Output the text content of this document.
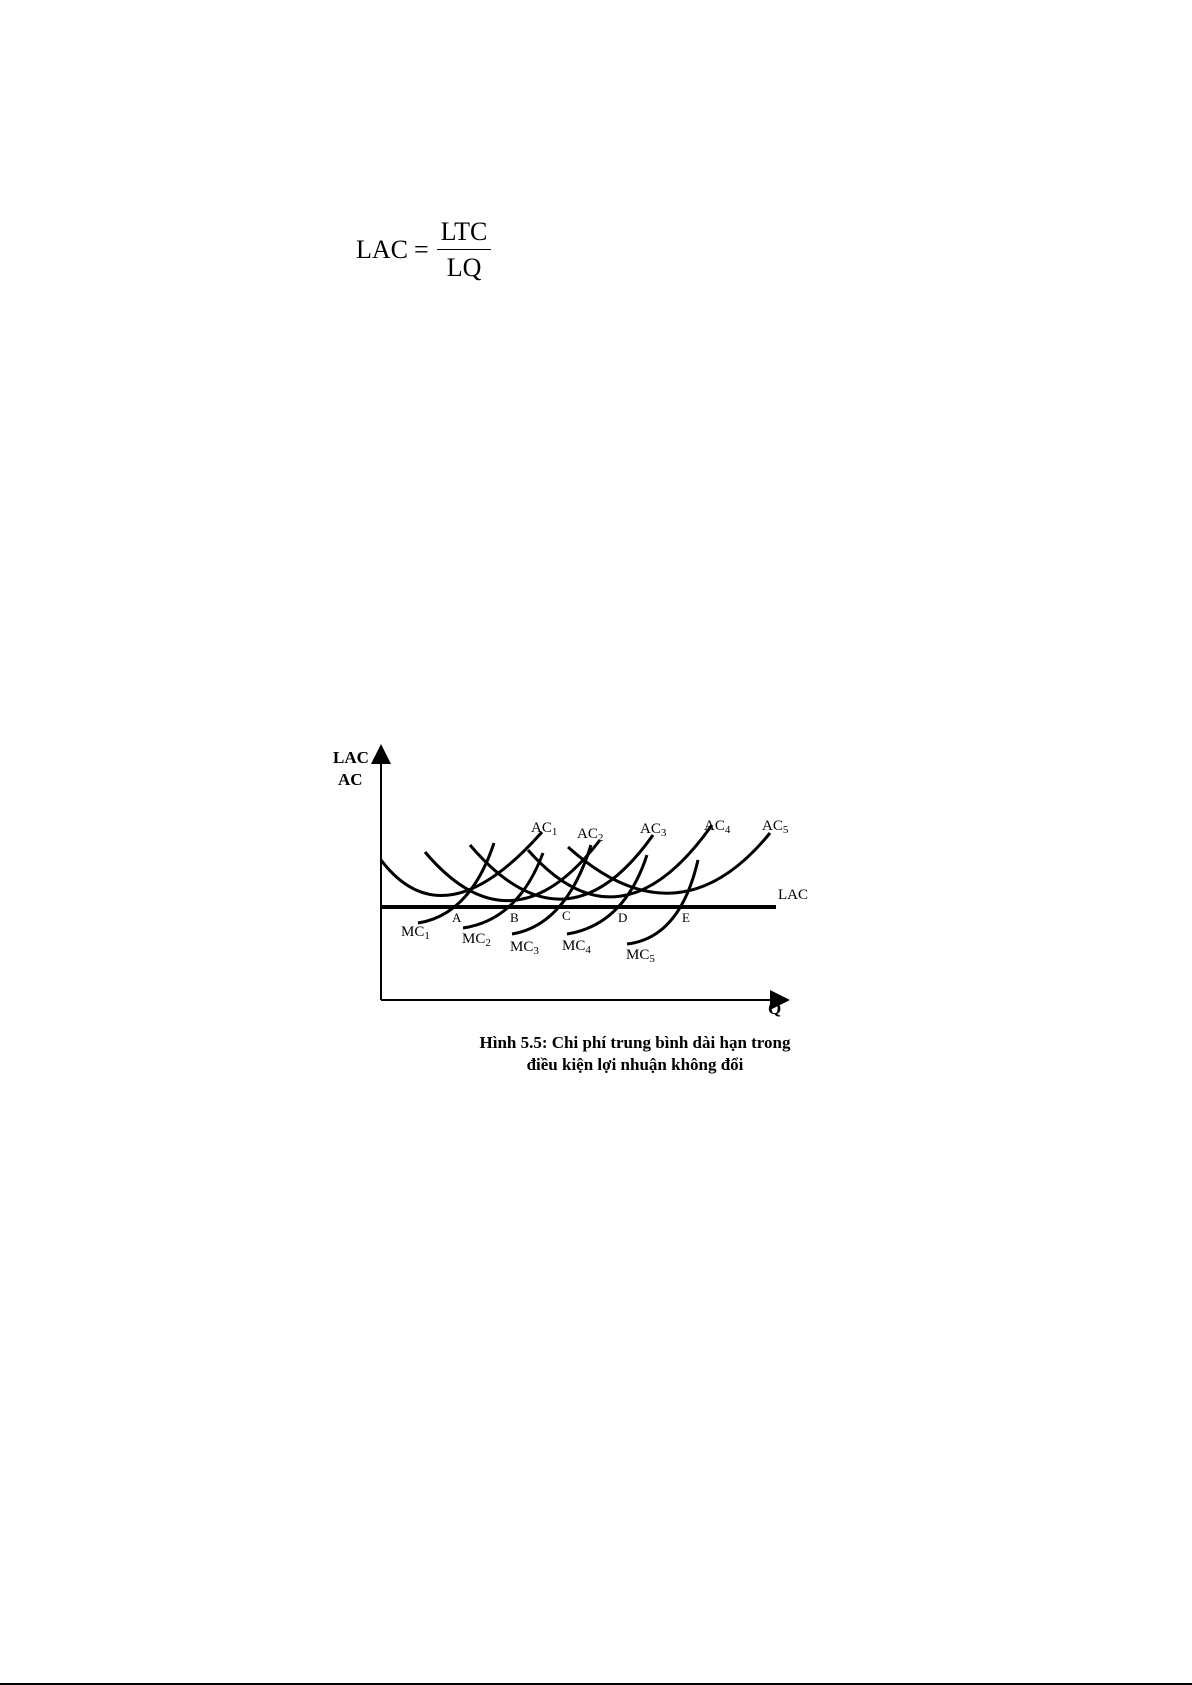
LAC = $\frac{\text{LTC}}{LQ}$
LAC
AC
Q
LAC
$AC_1$ $AC_2$
$AC_3$	$AC_4$ $AC_5$
$MC_1$ $MC_2$ $MC_3$ $MC_4$ $MC_5$
A	B	C	D	E
Hình 5.5: Chi phí trung bình dài hạn trong
điều kiện lợi nhuận không đổi
